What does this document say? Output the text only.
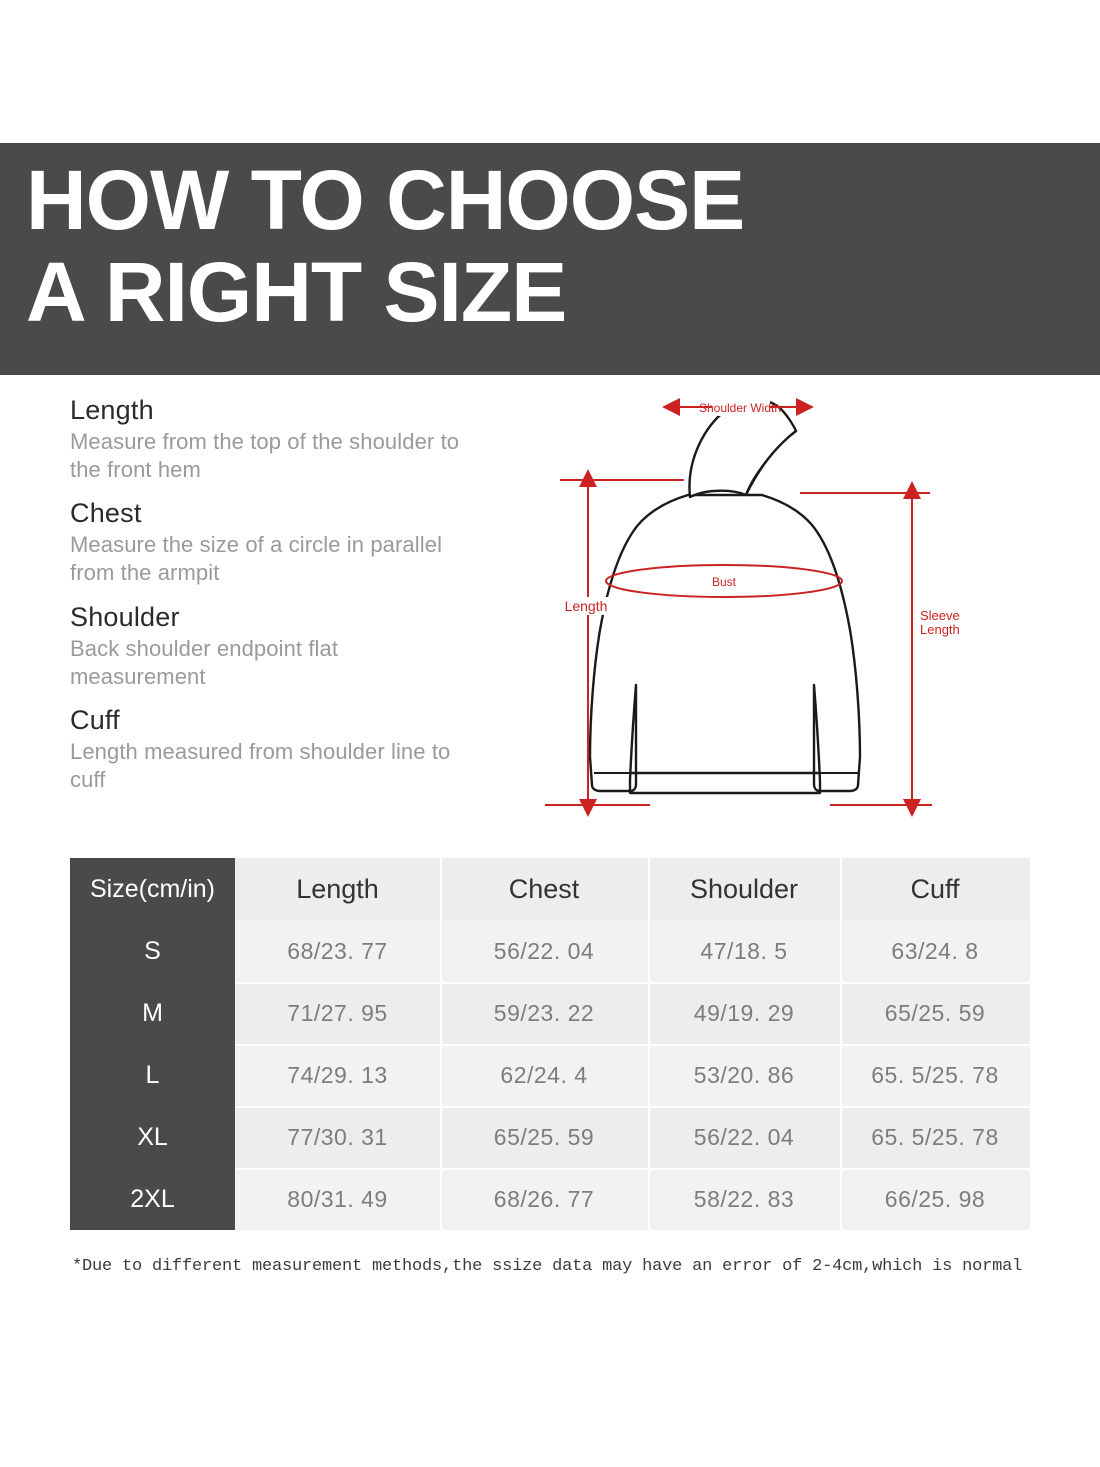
HOW TO CHOOSE
A RIGHT SIZE
Length
Measure from the top of the shoulder to the front hem
Chest
Measure the size of a circle in parallel from the armpit
Shoulder
Back shoulder endpoint flat measurement
Cuff
Length measured from shoulder line to cuff
Shoulder Width
Length
Sleeve
Length
Bust
Size(cm/in)	Length	Chest	Shoulder	Cuff
S	68/23. 77	56/22. 04	47/18. 5	63/24. 8
M	71/27. 95	59/23. 22	49/19. 29	65/25. 59
L	74/29. 13	62/24. 4	53/20. 86	65. 5/25. 78
XL	77/30. 31	65/25. 59	56/22. 04	65. 5/25. 78
2XL	80/31. 49	68/26. 77	58/22. 83	66/25. 98
*Due to different measurement methods,the ssize data may have an error of 2-4cm,which is normal
